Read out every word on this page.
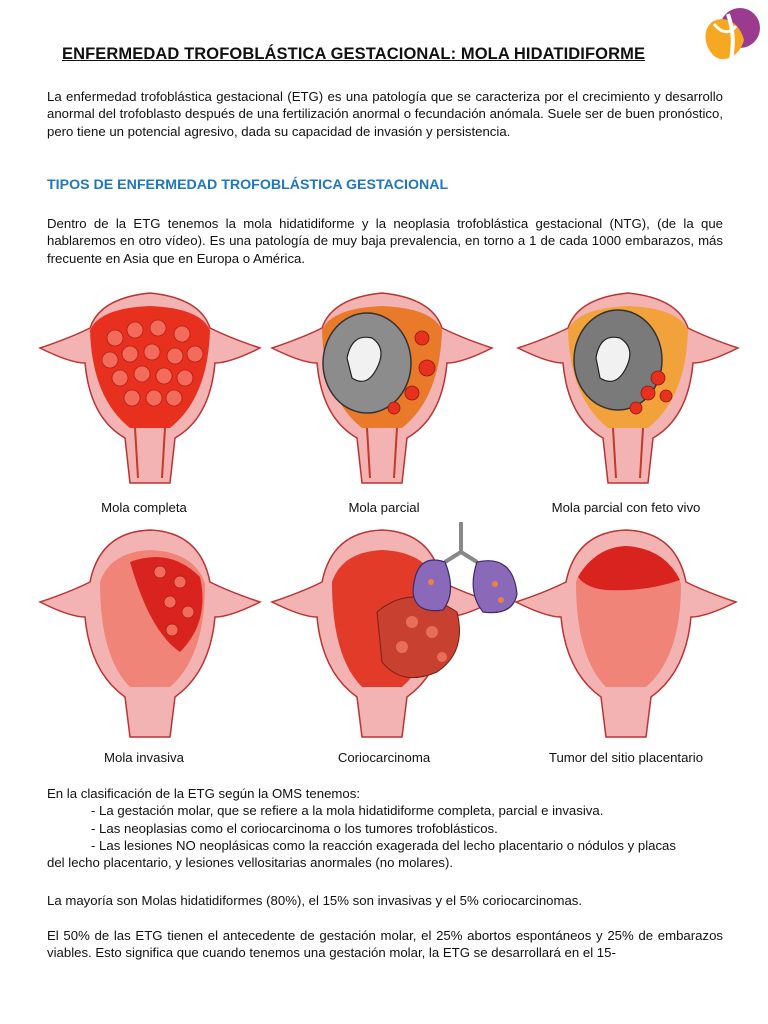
ENFERMEDAD TROFOBLÁSTICA GESTACIONAL: MOLA HIDATIDIFORME
La enfermedad trofoblástica gestacional (ETG) es una patología que se caracteriza por el crecimiento y desarrollo anormal del trofoblasto después de una fertilización anormal o fecundación anómala. Suele ser de buen pronóstico, pero tiene un potencial agresivo, dada su capacidad de invasión y persistencia.
TIPOS DE ENFERMEDAD TROFOBLÁSTICA GESTACIONAL
Dentro de la ETG tenemos la mola hidatidiforme y la neoplasia trofoblástica gestacional (NTG), (de la que hablaremos en otro vídeo). Es una patología de muy baja prevalencia, en torno a 1 de cada 1000 embarazos, más frecuente en Asia que en Europa o América.
Mola completa	Mola parcial	Mola parcial con feto vivo
Mola invasiva	Coriocarcinoma	Tumor del sitio placentario
En la clasificación de la ETG según la OMS tenemos:
- La gestación molar, que se refiere a la mola hidatidiforme completa, parcial e invasiva.
- Las neoplasias como el coriocarcinoma o los tumores trofoblásticos.
- Las lesiones NO neoplásicas como la reacción exagerada del lecho placentario o nódulos y placas
del lecho placentario, y lesiones vellositarias anormales (no molares).
La mayoría son Molas hidatidiformes (80%), el 15% son invasivas y el 5% coriocarcinomas.
El 50% de las ETG tienen el antecedente de gestación molar, el 25% abortos espontáneos y 25% de embarazos viables. Esto significa que cuando tenemos una gestación molar, la ETG se desarrollará en el 15-
